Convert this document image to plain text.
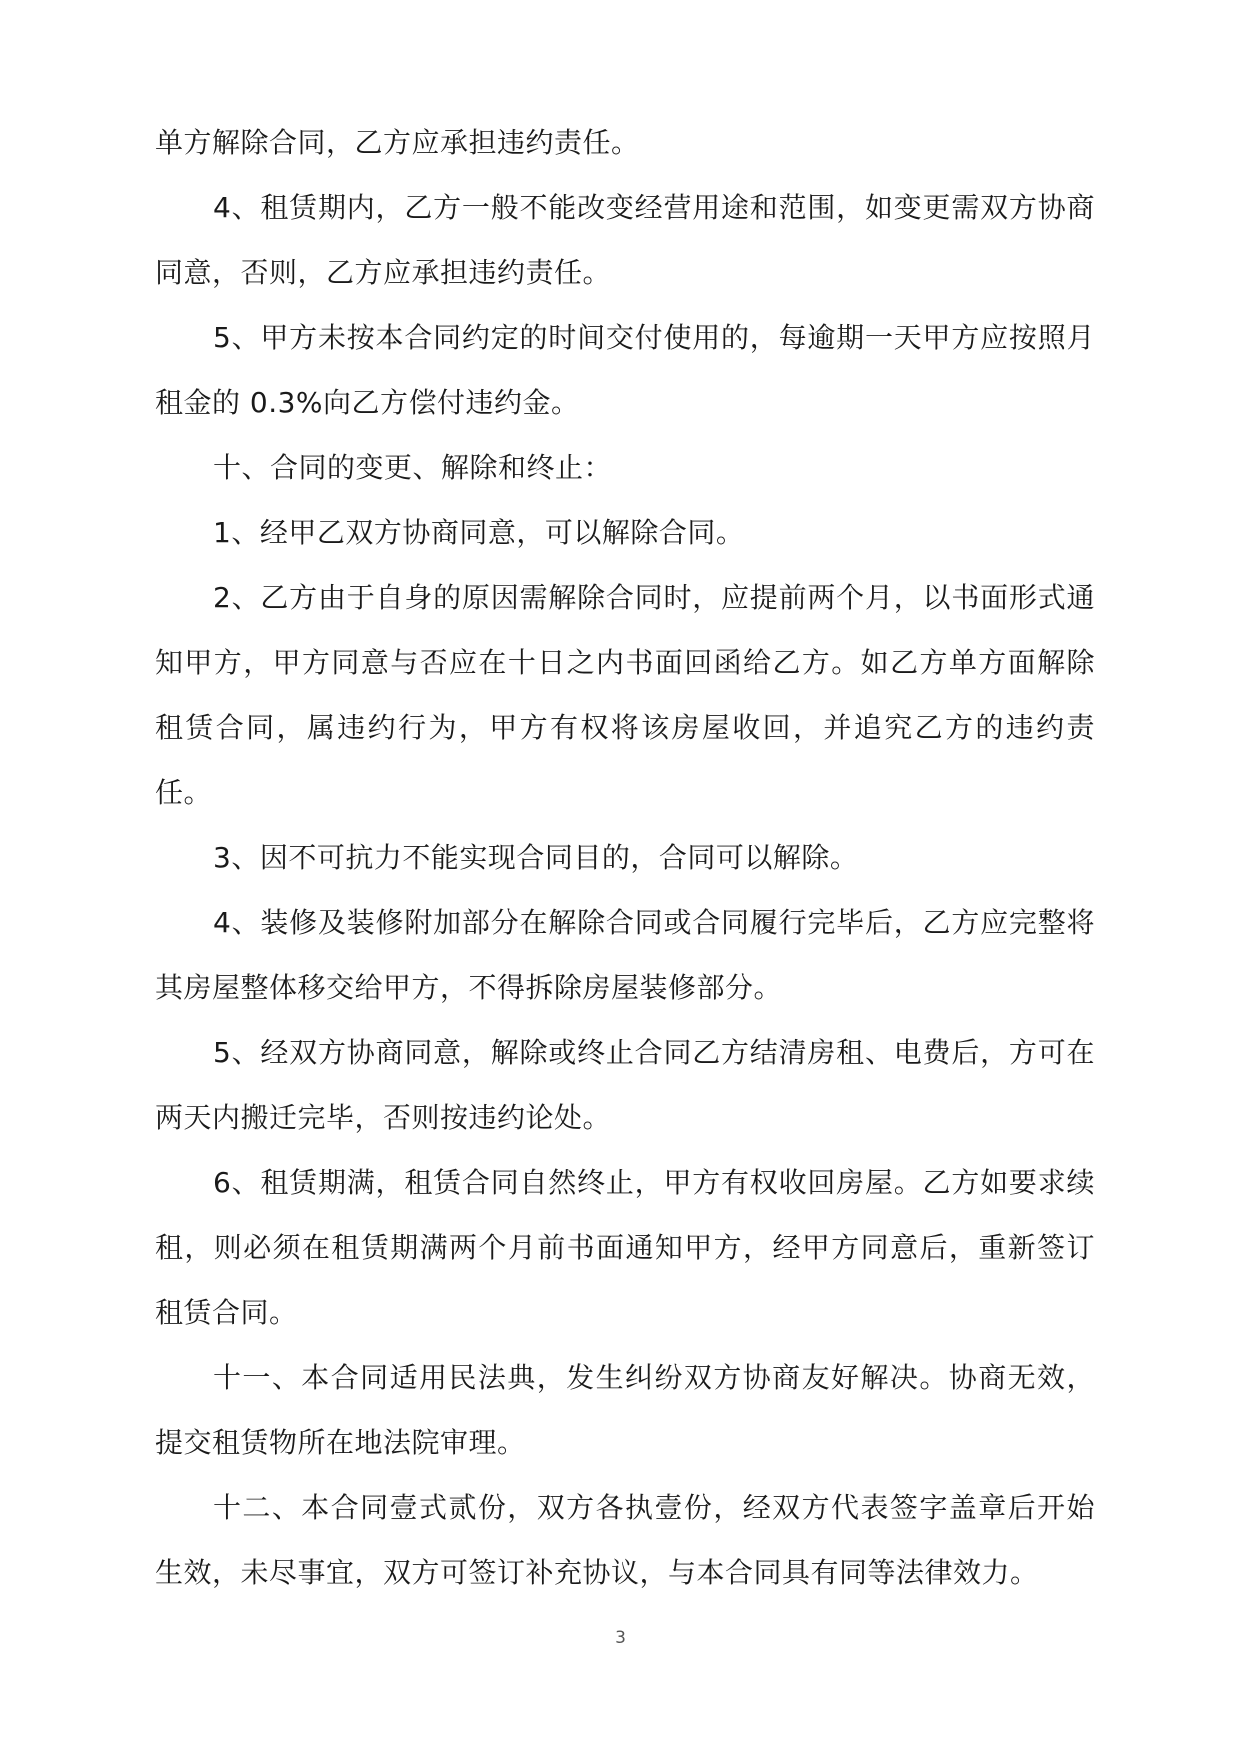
单方解除合同，乙方应承担违约责任。

4、租赁期内，乙方一般不能改变经营用途和范围，如变更需双方协商同意，否则，乙方应承担违约责任。

5、甲方未按本合同约定的时间交付使用的，每逾期一天甲方应按照月租金的 0.3%向乙方偿付违约金。

十、合同的变更、解除和终止：

1、经甲乙双方协商同意，可以解除合同。

2、乙方由于自身的原因需解除合同时，应提前两个月，以书面形式通知甲方，甲方同意与否应在十日之内书面回函给乙方。如乙方单方面解除租赁合同，属违约行为，甲方有权将该房屋收回，并追究乙方的违约责任。

3、因不可抗力不能实现合同目的，合同可以解除。

4、装修及装修附加部分在解除合同或合同履行完毕后，乙方应完整将其房屋整体移交给甲方，不得拆除房屋装修部分。

5、经双方协商同意，解除或终止合同乙方结清房租、电费后，方可在两天内搬迁完毕，否则按违约论处。

6、租赁期满，租赁合同自然终止，甲方有权收回房屋。乙方如要求续租，则必须在租赁期满两个月前书面通知甲方，经甲方同意后，重新签订租赁合同。

十一、本合同适用民法典，发生纠纷双方协商友好解决。协商无效，提交租赁物所在地法院审理。

十二、本合同壹式贰份，双方各执壹份，经双方代表签字盖章后开始生效，未尽事宜，双方可签订补充协议，与本合同具有同等法律效力。

3
